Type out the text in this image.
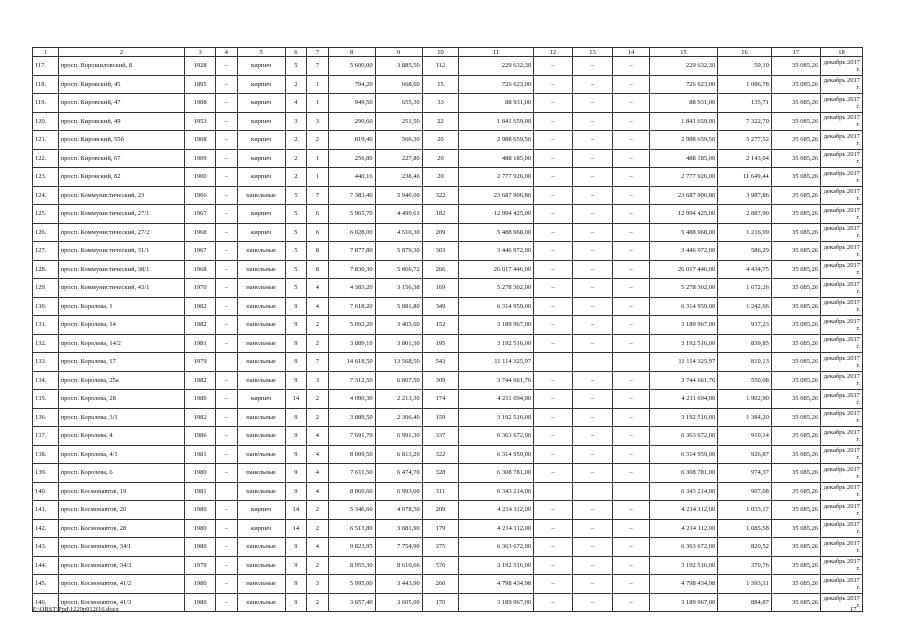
1	2	3	4	5	6	7	8	9	10	11	12	13	14	15	16	17	18
117.	просп. Ворошиловский, 8	1928	–	кирпич	5	7	5 600,00	3 885,50	112	229 632,30	–	–	–	229 632,30	59,10	35 085,26	декабрь 2017 г.
118.	просп. Кировский, 45	1895	–	кирпич	2	1	794,20	668,60	15	726 623,00	–	–	–	726 623,00	1 086,78	35 085,26	декабрь 2017 г.
119.	просп. Кировский, 47	1908	–	кирпич	4	1	949,50	655,30	33	88 931,00	–	–	–	88 931,00	135,71	35 085,26	декабрь 2017 г.
120.	просп. Кировский, 49	1953	–	кирпич	3	3	290,60	251,50	22	1 841 659,00	–	–	–	1 841 659,00	7 322,70	35 085,26	декабрь 2017 г.
121.	просп. Кировский, 55б	1908	–	кирпич	2	2	819,40	566,30	20	2 988 659,50	–	–	–	2 988 659,50	5 277,52	35 085,26	декабрь 2017 г.
122.	просп. Кировский, 67	1909	–	кирпич	2	1	256,80	227,80	20	488 185,00	–	–	–	488 185,00	2 143,04	35 085,26	декабрь 2017 г.
123.	просп. Кировский, 82	1900	–	кирпич	2	1	440,16	238,46	20	2 777 926,00	–	–	–	2 777 926,00	11 649,44	35 085,26	декабрь 2017 г.
124.	просп. Коммунистический, 23	1966	–	панельные	5	7	7 383,40	5 940,00	322	23 687 906,80	–	–	–	23 687 906,80	3 987,86	35 085,26	декабрь 2017 г.
125.	просп. Коммунистический, 27/1	1967	–	кирпич	5	6	5 965,70	4 499,61	182	12 994 425,00	–	–	–	12 994 425,00	2 887,90	35 085,26	декабрь 2017 г.
126.	просп. Коммунистический, 27/2	1968	–	кирпич	5	6	6 028,00	4 510,30	209	5 488 968,00	–	–	–	5 488 968,00	1 216,99	35 085,26	декабрь 2017 г.
127.	просп. Коммунистический, 31/1	1967	–	панельные	5	8	7 877,80	5 879,30	303	3 446 972,00	–	–	–	3 446 972,00	586,29	35 085,26	декабрь 2017 г.
128.	просп. Коммунистический, 38/1	1968	–	панельные	5	8	7 830,30	5 866,72	266	26 017 446,00	–	–	–	26 017 446,00	4 434,75	35 085,26	декабрь 2017 г.
129.	просп. Коммунистический, 43/1	1970	–	панельные	5	4	4 383,20	3 156,38	169	5 278 302,00	–	–	–	5 278 302,00	1 672,26	35 085,26	декабрь 2017 г.
130.	просп. Королева, 1	1982	–	панельные	9	4	7 618,20	5 081,80	349	6 314 959,00	–	–	–	6 314 959,00	1 242,66	35 085,26	декабрь 2017 г.
131.	просп. Королева, 14	1982	–	панельные	9	2	5 092,20	3 403,60	152	3 189 967,00	–	–	–	3 189 967,00	937,23	35 085,26	декабрь 2017 г.
132.	просп. Королева, 14/2	1981	–	панельные	9	2	3 889,10	3 801,30	195	3 192 516,00	–	–	–	3 192 516,00	839,85	35 085,26	декабрь 2017 г.
133.	просп. Королева, 17	1979		панельные	9	7	14 618,50	13 568,50	543	11 114 325,97				11 114 325,97	819,13	35 085,26	декабрь 2017 г.
134.	просп. Королева, 25а	1982	–	панельные	9	3	7 312,50	6 807,50	309	3 744 661,76	–	–	–	3 744 661,76	550,08	35 085,26	декабрь 2017 г.
135.	просп. Королева, 28	1980	–	кирпич	14	2	4 090,30	2 213,30	174	4 211 694,00	–	–	–	4 211 694,00	1 902,90	35 085,26	декабрь 2017 г.
136.	просп. Королева, 3/1	1982	–	панельные	9	2	3 889,50	2 306,40	159	3 192 516,00	–	–	–	3 192 516,00	1 384,20	35 085,26	декабрь 2017 г.
137.	просп. Королева, 4	1986	–	панельные	9	4	7 691,70	6 991,30	337	6 363 672,00	–	–	–	6 363 672,00	910,14	35 085,26	декабрь 2017 г.
138.	просп. Королева, 4/1	1981	–	панельные	9	4	8 009,50	6 813,20	322	6 314 959,00	–	–	–	6 314 959,00	926,87	35 085,26	декабрь 2017 г.
139.	просп. Королева, 6	1980	–	панельные	9	4	7 611,50	6 474,70	328	6 308 781,00	–	–	–	6 308 781,00	974,37	35 085,26	декабрь 2017 г.
140.	просп. Космонавтов, 19	1981		панельные	9	4	8 869,60	6 993,00	311	6 343 214,00				6 343 214,00	907,08	35 085,26	декабрь 2017 г.
141.	просп. Космонавтов, 20	1980	–	кирпич	14	2	5 346,60	4 078,50	209	4 214 112,00	–	–	–	4 214 112,00	1 033,17	35 085,26	декабрь 2017 г.
142.	просп. Космонавтов, 28	1980	–	кирпич	14	2	6 513,80	3 881,90	179	4 214 112,00	–	–	–	4 214 112,00	1 085,58	35 085,26	декабрь 2017 г.
143.	просп. Космонавтов, 34/1	1980	–	панельные	9	4	9 823,95	7 754,90	375	6 363 672,00	–	–	–	6 363 672,00	820,52	35 085,26	декабрь 2017 г.
144.	просп. Космонавтов, 34/3	1979	–	панельные	9	2	8 955,30	8 610,66	576	3 192 516,00	–	–	–	3 192 516,00	370,76	35 085,26	декабрь 2017 г.
145.	просп. Космонавтов, 41/2	1980	–	панельные	9	3	5 995,00	3 443,90	260	4 798 434,98	–	–	–	4 798 434,98	1 393,31	35 085,26	декабрь 2017 г.
146.	просп. Космонавтов, 41/3	1980	–	панельные	9	2	3 657,40	3 605,00	170	3 189 967,00	–	–	–	3 189 967,00	884,87	35 085,26	декабрь 2017 г.
Z:\ORST\Ppd\1229p912f16.docx	17
